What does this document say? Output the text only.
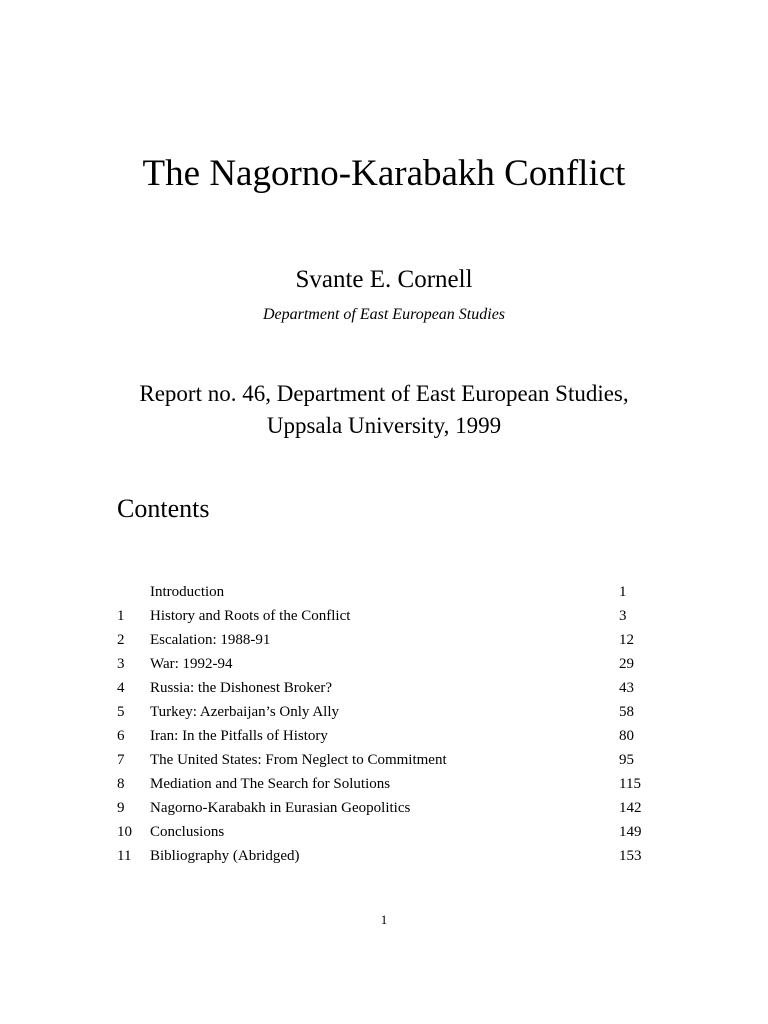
The Nagorno-Karabakh Conflict
Svante E. Cornell
Department of East European Studies
Report no. 46, Department of East European Studies,
Uppsala University, 1999
Contents
Introduction	1
1 History and Roots of the Conflict	3
2 Escalation: 1988-91	12
3 War: 1992-94	29
4 Russia: the Dishonest Broker?	43
5 Turkey: Azerbaijan’s Only Ally	58
6 Iran: In the Pitfalls of History	80
7 The United States: From Neglect to Commitment	95
8 Mediation and The Search for Solutions	115
9 Nagorno-Karabakh in Eurasian Geopolitics	142
10 Conclusions	149
11 Bibliography (Abridged)	153
1
